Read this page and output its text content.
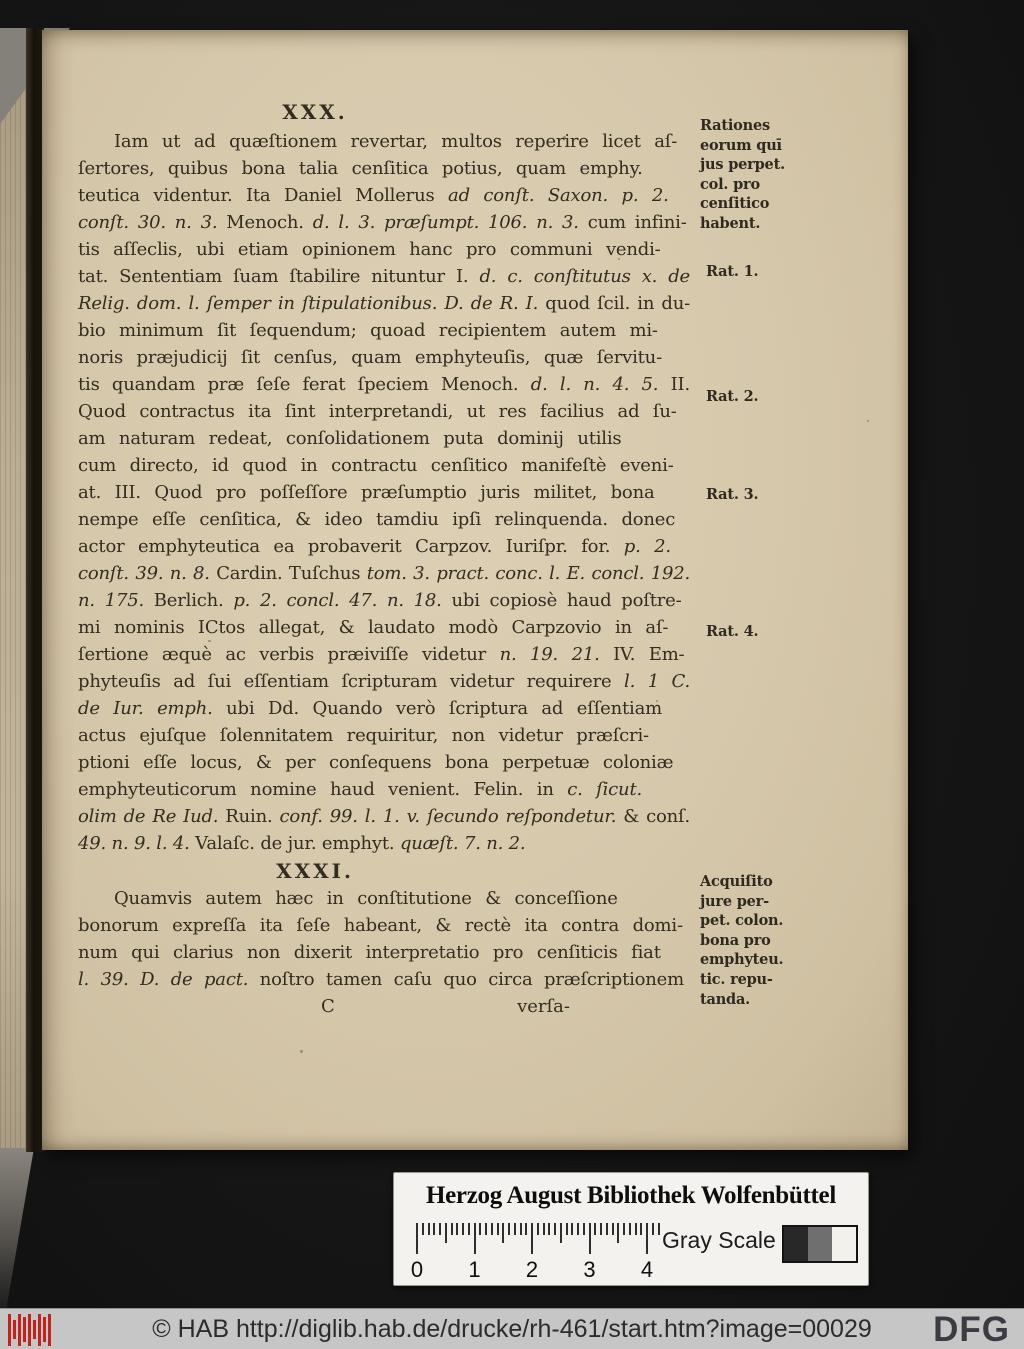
XXX.
Iam ut ad quæſtionem revertar, multos reperire licet aſ-
ſertores, quibus bona talia cenſitica potius, quam emphy.
teutica videntur. Ita Daniel Mollerus ad conſt. Saxon. p. 2.
conſt. 30. n. 3. Menoch. d. l. 3. præſumpt. 106. n. 3. cum infini-
tis aſſeclis, ubi etiam opinionem hanc pro communi vendi-
tat. Sententiam ſuam ſtabilire nituntur I. d. c. conſtitutus x. de
Relig. dom. l. ſemper in ſtipulationibus. D. de R. I. quod ſcil. in du-
bio minimum ſit ſequendum; quoad recipientem autem mi-
noris præjudicij ſit cenſus, quam emphyteuſis, quæ ſervitu-
tis quandam præ ſeſe ferat ſpeciem Menoch. d. l. n. 4. 5. II.
Quod contractus ita ſint interpretandi, ut res facilius ad ſu-
am naturam redeat, conſolidationem puta dominij utilis
cum directo, id quod in contractu cenſitico manifeſtè eveni-
at. III. Quod pro poſſeſſore præſumptio juris militet, bona
nempe eſſe cenſitica, & ideo tamdiu ipſi relinquenda. donec
actor emphyteutica ea probaverit Carpzov. Iuriſpr. for. p. 2.
conſt. 39. n. 8. Cardin. Tuſchus tom. 3. pract. conc. l. E. concl. 192.
n. 175. Berlich. p. 2. concl. 47. n. 18. ubi copiosè haud poſtre-
mi nominis ICtos allegat, & laudato modò Carpzovio in aſ-
ſertione æquè ac verbis præiviſſe videtur n. 19. 21. IV. Em-
phyteuſis ad ſui eſſentiam ſcripturam videtur requirere l. 1 C.
de Iur. emph. ubi Dd. Quando verò ſcriptura ad eſſentiam
actus ejuſque ſolennitatem requiritur, non videtur præſcri-
ptioni eſſe locus, & per conſequens bona perpetuæ coloniæ
emphyteuticorum nomine haud venient. Felin. in c. ſicut.
olim de Re Iud. Ruin. conf. 99. l. 1. v. ſecundo reſpondetur. & conſ.
49. n. 9. l. 4. Valaſc. de jur. emphyt. quæſt. 7. n. 2.
XXXI.
Quamvis autem hæc in conſtitutione & conceſſione
bonorum expreſſa ita ſeſe habeant, & rectè ita contra domi-
num qui clarius non dixerit interpretatio pro cenſiticis fiat
l. 39. D. de pact. noſtro tamen caſu quo circa præſcriptionem
C	verſa-
Rationes
eorum quī
jus perpet.
col. pro
cenſitico
habent.
Rat. 1.
Rat. 2.
Rat. 3.
Rat. 4.
Acquiſito
jure per-
pet. colon.
bona pro
emphyteu.
tic. repu-
tanda.
Herzog August Bibliothek Wolfenbüttel
0 1 2 3 4
Gray Scale
© HAB http://diglib.hab.de/drucke/rh-461/start.htm?image=00029	DFG
